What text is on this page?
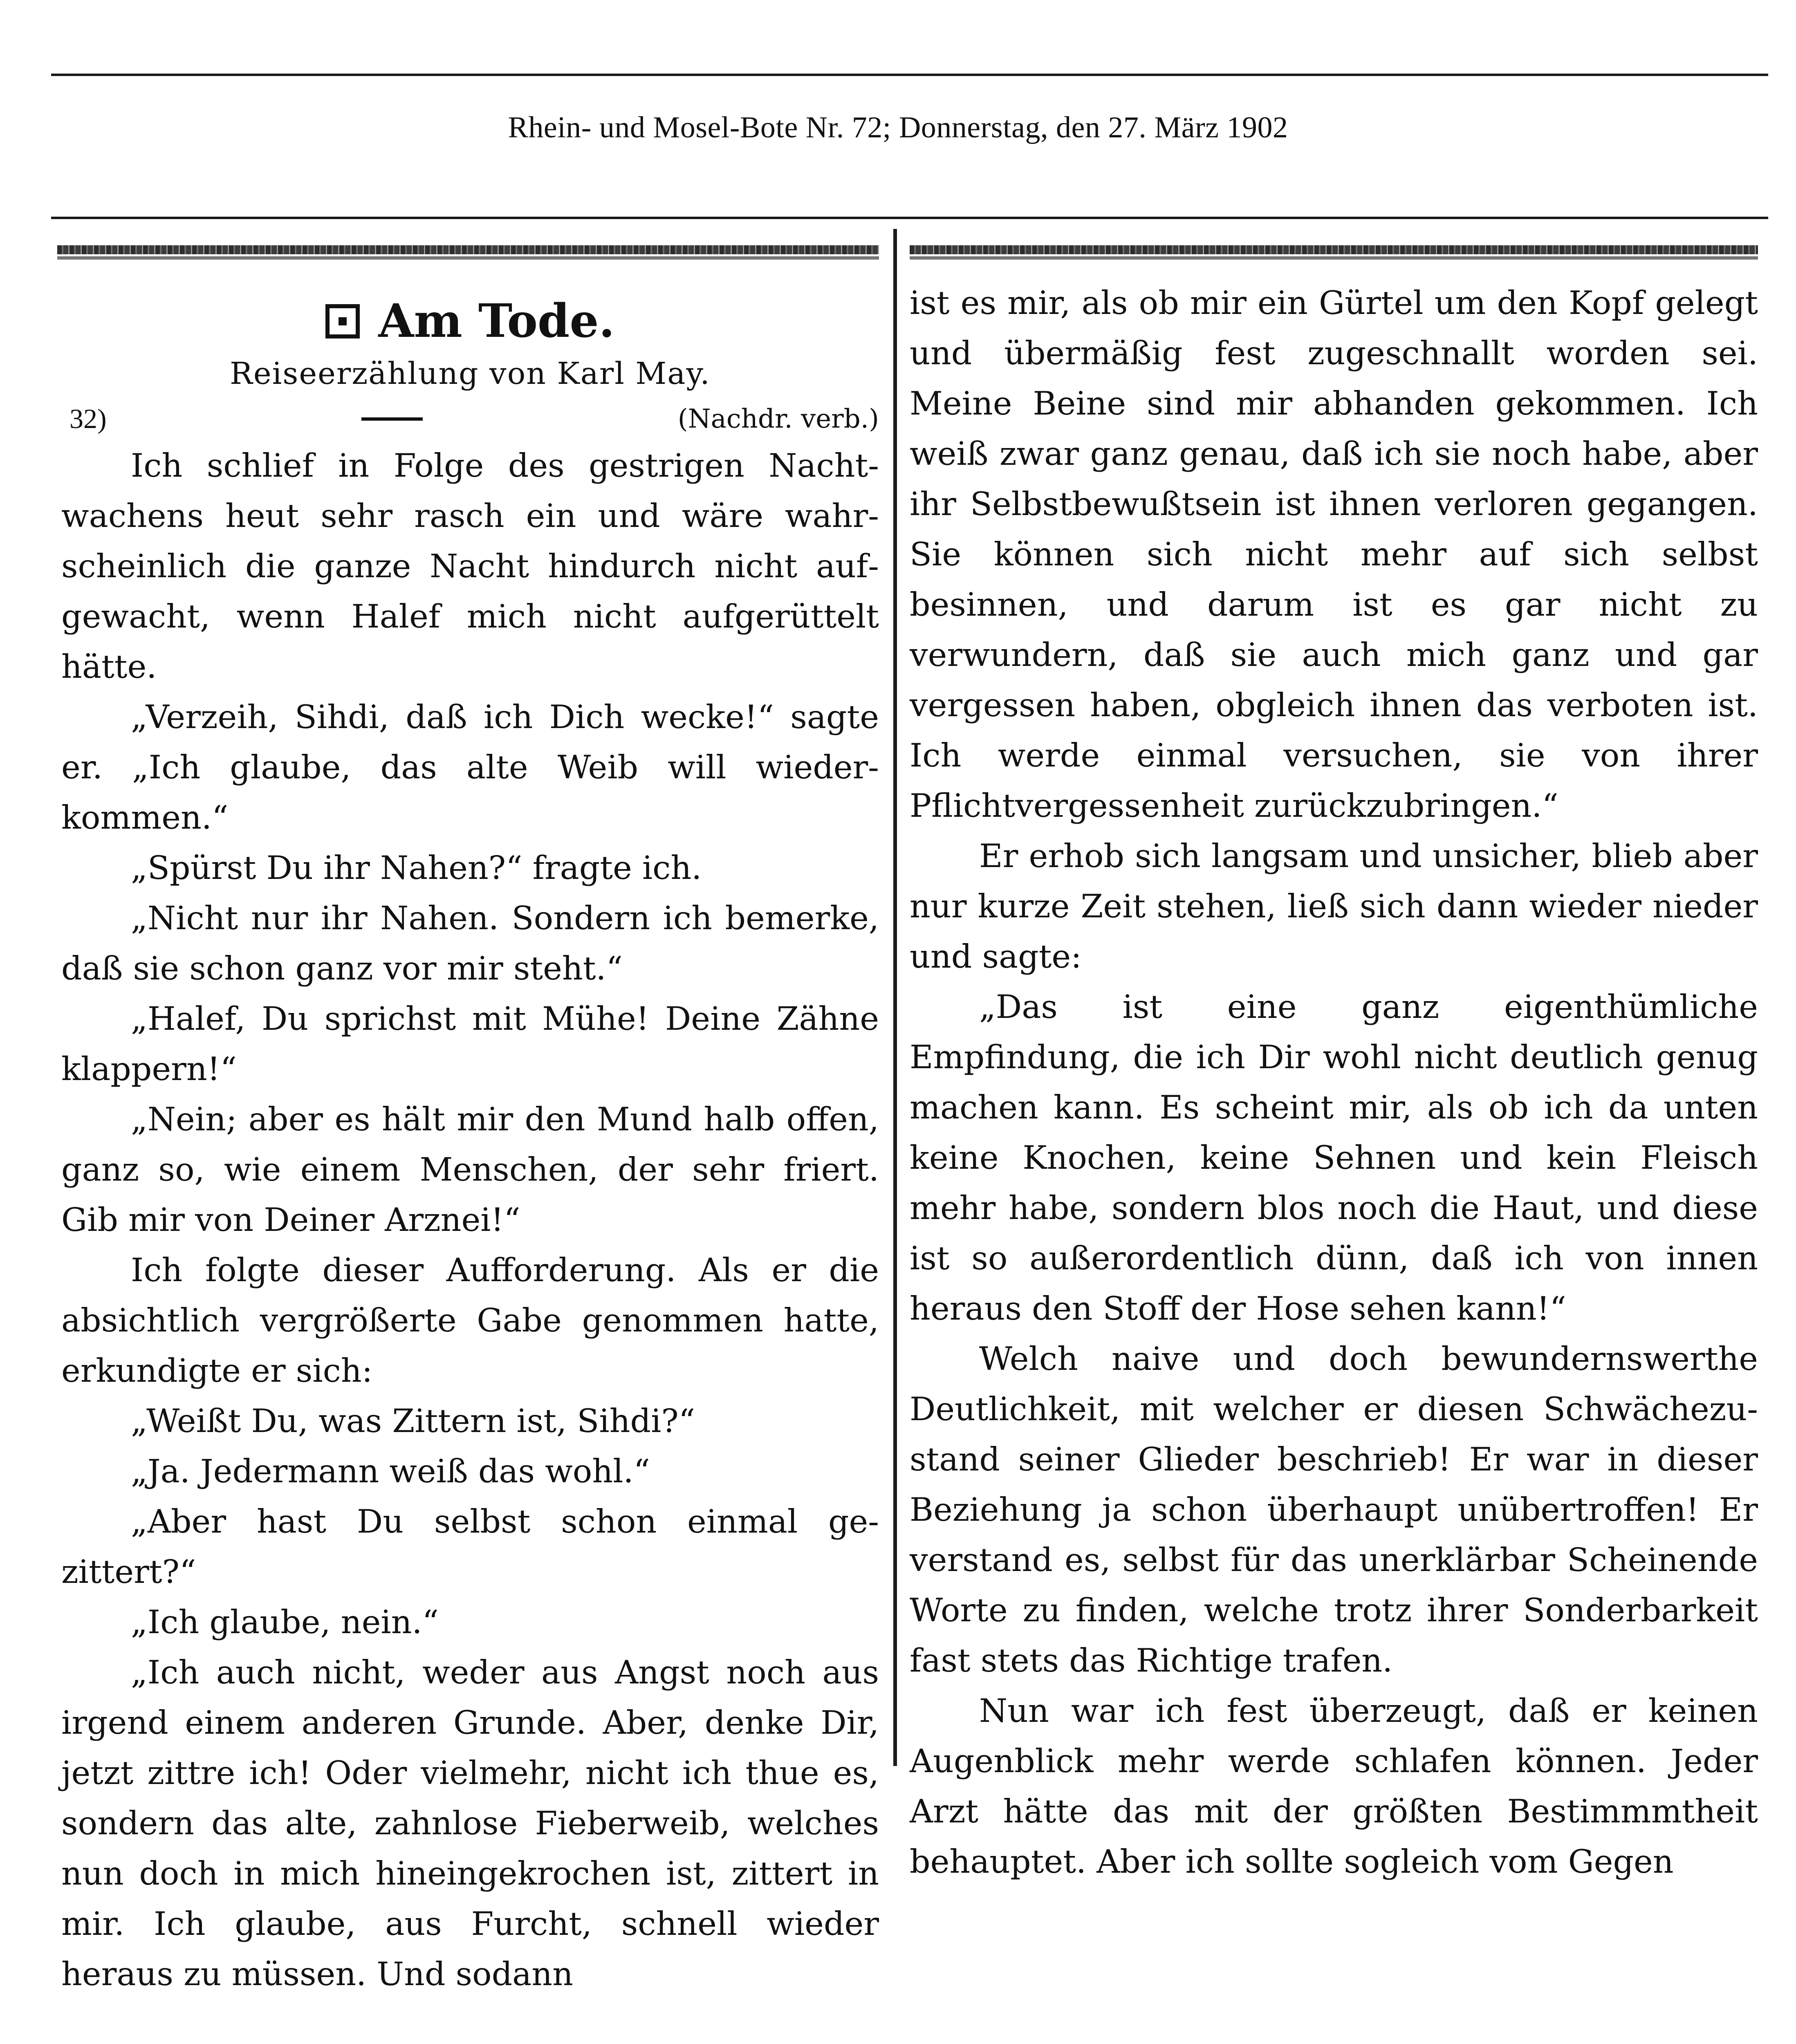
Rhein- und Mosel-Bote Nr. 72; Donnerstag, den 27. März 1902
Am Tode.
Reiseerzählung von Karl May.
32)	(Nachdr. verb.)

Ich schlief in Folge des gestrigen Nachtwachens heut sehr rasch ein und wäre wahrscheinlich die ganze Nacht hindurch nicht aufgewacht, wenn Halef mich nicht aufgerüttelt hätte.

„Verzeih, Sihdi, daß ich Dich wecke!“ sagte er. „Ich glaube, das alte Weib will wiederkommen.“

„Spürst Du ihr Nahen?“ fragte ich.

„Nicht nur ihr Nahen. Sondern ich bemerke, daß sie schon ganz vor mir steht.“

„Halef, Du sprichst mit Mühe! Deine Zähne klappern!“

„Nein; aber es hält mir den Mund halb offen, ganz so, wie einem Menschen, der sehr friert. Gib mir von Deiner Arznei!“

Ich folgte dieser Aufforderung. Als er die absichtlich vergrößerte Gabe genommen hatte, erkundigte er sich:

„Weißt Du, was Zittern ist, Sihdi?“

„Ja. Jedermann weiß das wohl.“

„Aber hast Du selbst schon einmal gezittert?“

„Ich glaube, nein.“

„Ich auch nicht, weder aus Angst noch aus irgend einem anderen Grunde. Aber, denke Dir, jetzt zittre ich! Oder vielmehr, nicht ich thue es, sondern das alte, zahnlose Fieberweib, welches nun doch in mich hineingekrochen ist, zittert in mir. Ich glaube, aus Furcht, schnell wieder heraus zu müssen. Und sodann

ist es mir, als ob mir ein Gürtel um den Kopf gelegt und übermäßig fest zugeschnallt worden sei. Meine Beine sind mir abhanden gekommen. Ich weiß zwar ganz genau, daß ich sie noch habe, aber ihr Selbstbewußtsein ist ihnen verloren gegangen. Sie können sich nicht mehr auf sich selbst besinnen, und darum ist es gar nicht zu verwundern, daß sie auch mich ganz und gar vergessen haben, obgleich ihnen das verboten ist. Ich werde einmal versuchen, sie von ihrer Pflichtvergessenheit zurückzubringen.“

Er erhob sich langsam und unsicher, blieb aber nur kurze Zeit stehen, ließ sich dann wieder nieder und sagte:

„Das ist eine ganz eigenthümliche Empfindung, die ich Dir wohl nicht deutlich genug machen kann. Es scheint mir, als ob ich da unten keine Knochen, keine Sehnen und kein Fleisch mehr habe, sondern blos noch die Haut, und diese ist so außerordentlich dünn, daß ich von innen heraus den Stoff der Hose sehen kann!“

Welch naive und doch bewundernswerthe Deutlichkeit, mit welcher er diesen Schwächezustand seiner Glieder beschrieb! Er war in dieser Beziehung ja schon überhaupt unübertroffen! Er verstand es, selbst für das unerklärbar Scheinende Worte zu finden, welche trotz ihrer Sonderbarkeit fast stets das Richtige trafen.

Nun war ich fest überzeugt, daß er keinen Augenblick mehr werde schlafen können. Jeder Arzt hätte das mit der größten Bestimmmtheit behauptet. Aber ich sollte sogleich vom Gegen
